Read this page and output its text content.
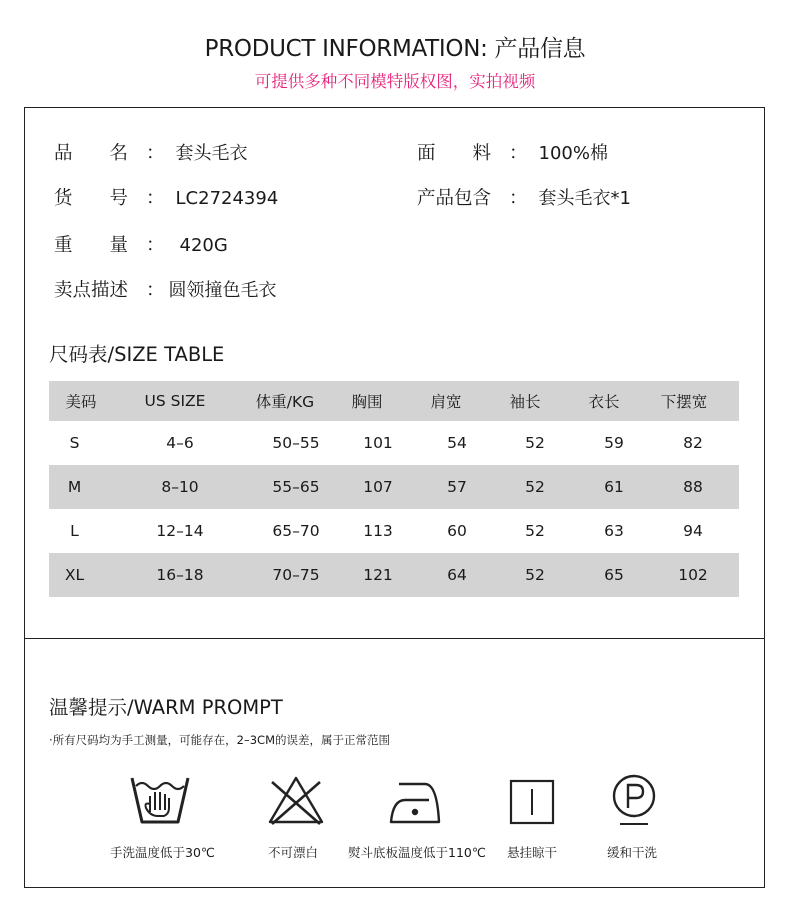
PRODUCT INFORMATION: 产品信息
可提供多种不同模特版权图，实拍视频
品　　名 ： 套头毛衣
货　　号 ： LC2724394
重　　量 ： 420G
卖点描述 ： 圆领撞色毛衣
面　　料 ： 100%棉
产品包含 ： 套头毛衣*1
尺码表/SIZE TABLE
美码	US SIZE	体重/KG	胸围	肩宽	袖长	衣长	下摆宽
S	4–6	50–55	101	54	52	59	82
M	8–10	55–65	107	57	52	61	88
L	12–14	65–70	113	60	52	63	94
XL	16–18	70–75	121	64	52	65	102
温馨提示/WARM PROMPT
·所有尺码均为手工测量，可能存在，2–3CM的误差，属于正常范围
手洗温度低于30℃	不可漂白 熨斗底板温度低于110℃ 悬挂晾干	缓和干洗
